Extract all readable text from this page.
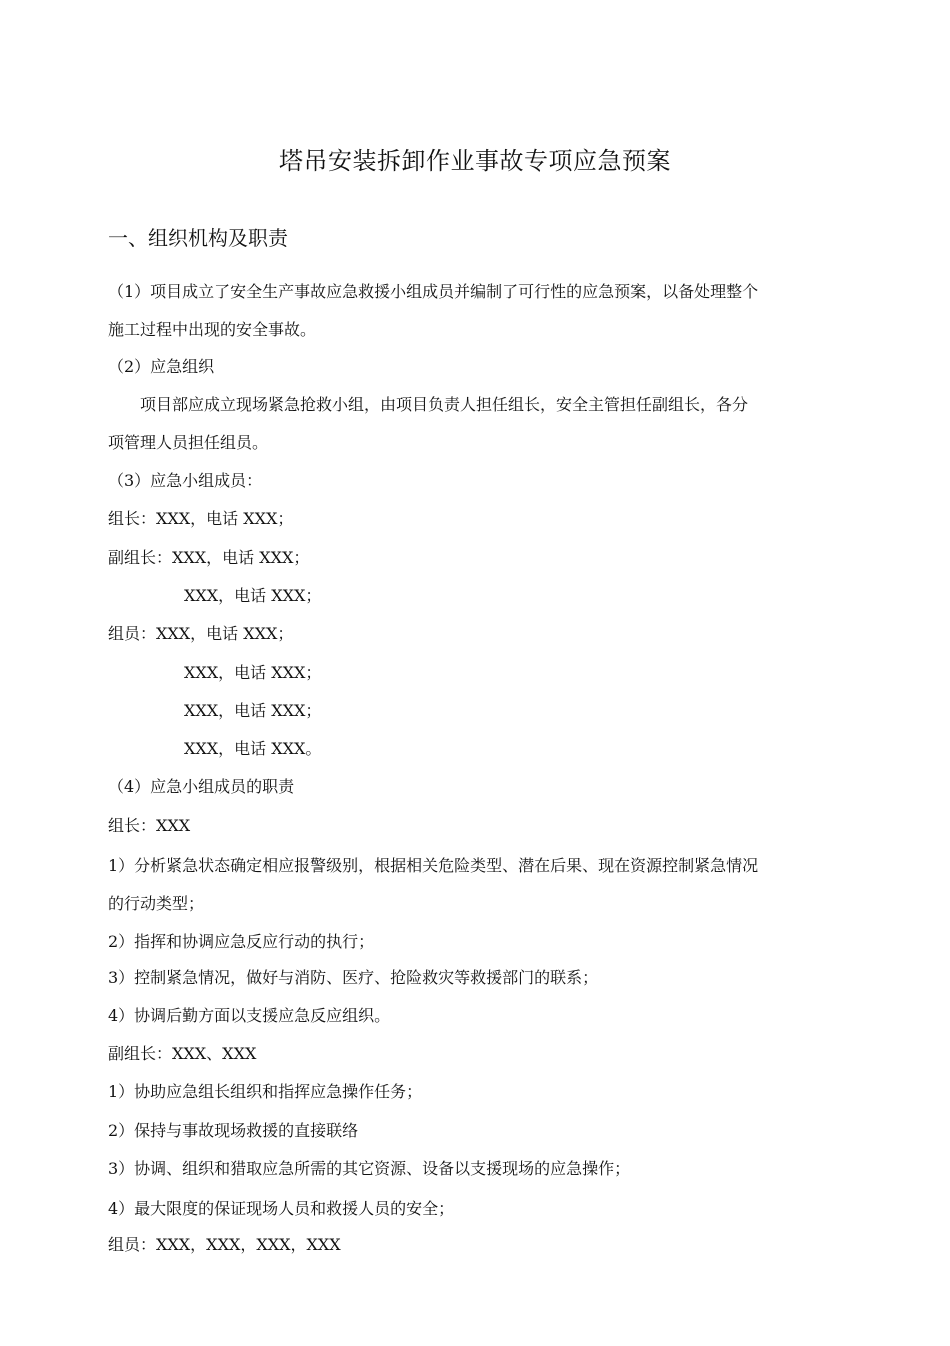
塔吊安装拆卸作业事故专项应急预案
一、组织机构及职责
（1）项目成立了安全生产事故应急救援小组成员并编制了可行性的应急预案，以备处理整个
施工过程中出现的安全事故。
（2）应急组织
　　项目部应成立现场紧急抢救小组，由项目负责人担任组长，安全主管担任副组长，各分
项管理人员担任组员。
（3）应急小组成员：
组长：XXX，电话 XXX；
副组长：XXX，电话 XXX；
XXX，电话 XXX；
组员：XXX，电话 XXX；
XXX，电话 XXX；
XXX，电话 XXX；
XXX，电话 XXX。
（4）应急小组成员的职责
组长：XXX
1）分析紧急状态确定相应报警级别，根据相关危险类型、潜在后果、现在资源控制紧急情况
的行动类型；
2）指挥和协调应急反应行动的执行；
3）控制紧急情况，做好与消防、医疗、抢险救灾等救援部门的联系；
4）协调后勤方面以支援应急反应组织。
副组长：XXX、XXX
1）协助应急组长组织和指挥应急操作任务；
2）保持与事故现场救援的直接联络
3）协调、组织和猎取应急所需的其它资源、设备以支援现场的应急操作；
4）最大限度的保证现场人员和救援人员的安全；
组员：XXX，XXX，XXX，XXX
